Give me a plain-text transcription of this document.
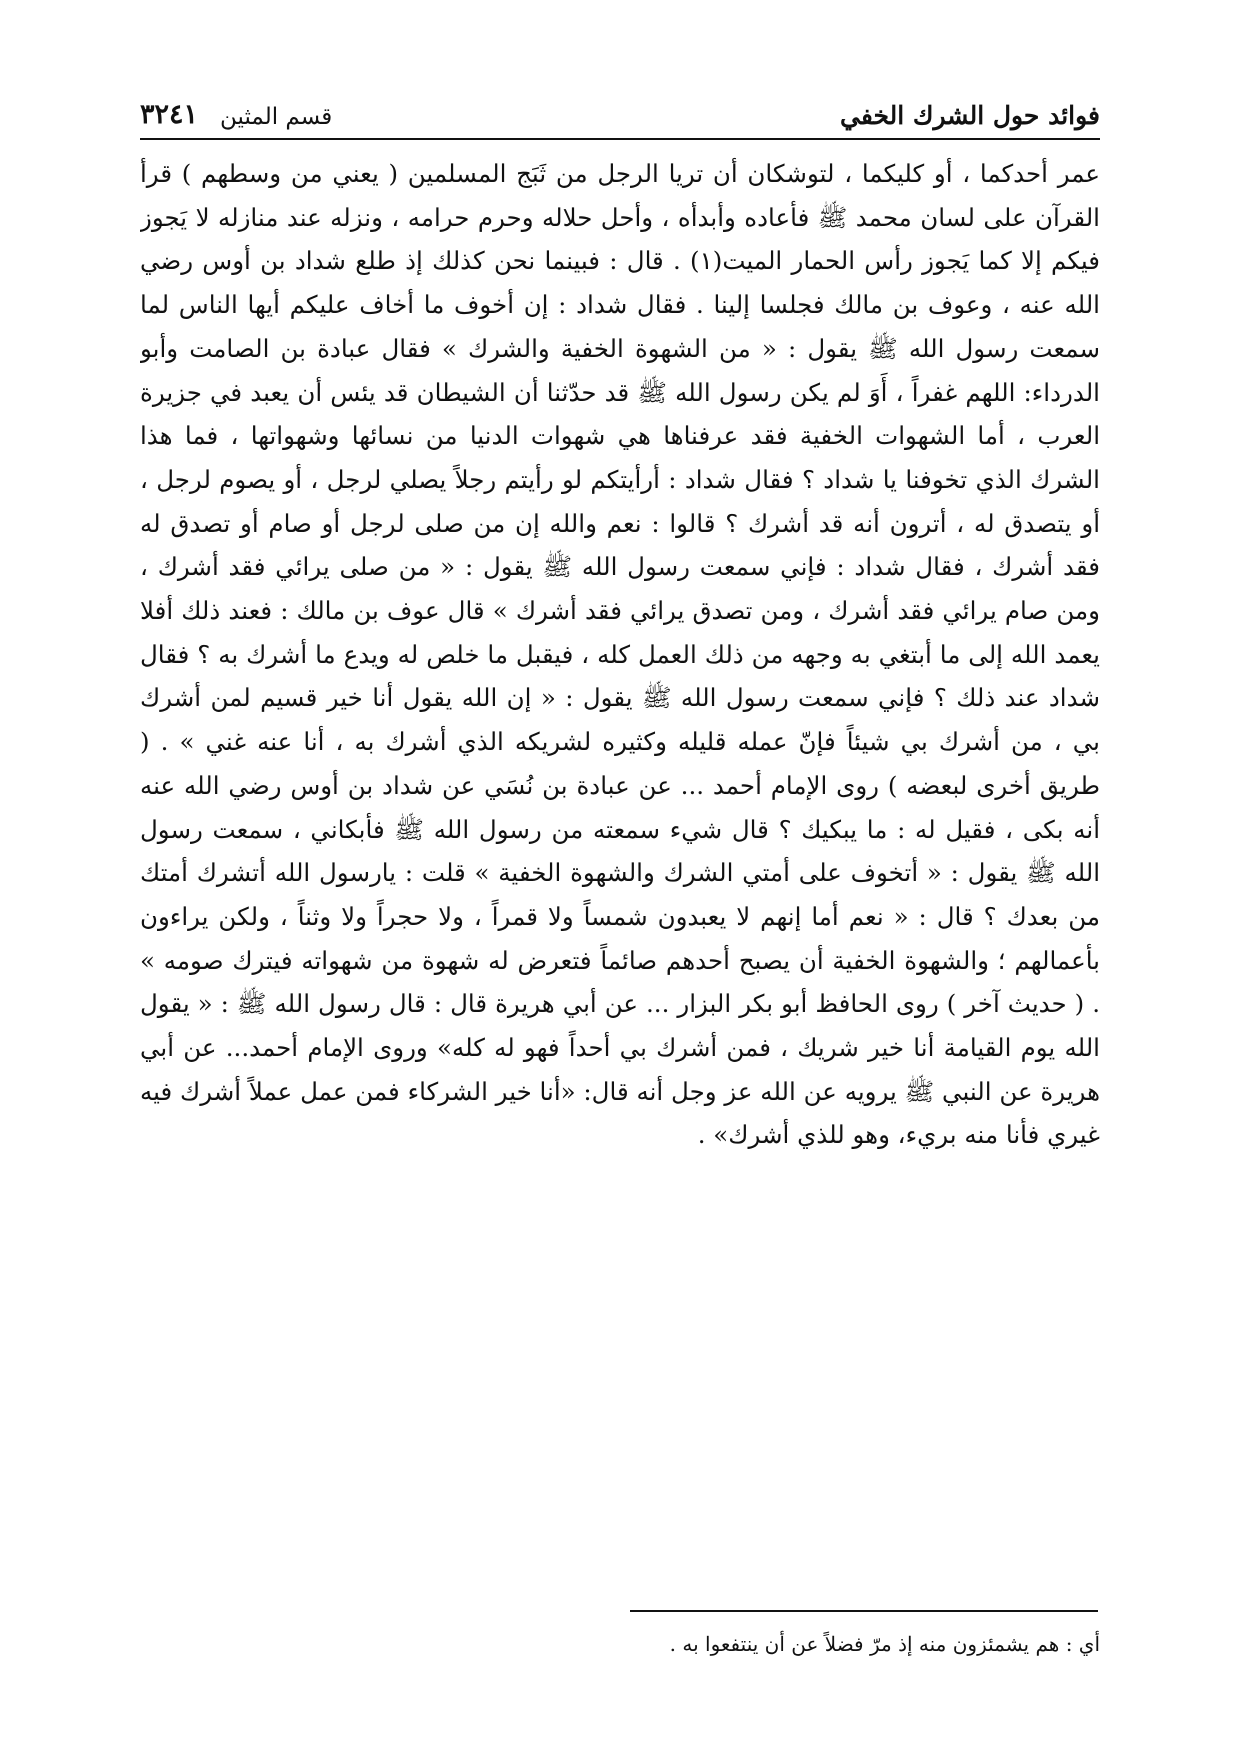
فوائد حول الشرك الخفي
قسم المثين
٣٢٤١

عمر أحدكما ، أو كليكما ، لتوشكان أن تريا الرجل من ثَبَج المسلمين ( يعني من وسطهم ) قرأ القرآن على لسان محمد ﷺ فأعاده وأبدأه ، وأحل حلاله وحرم حرامه ، ونزله عند منازله لا يَجوز فيكم إلا كما يَجوز رأس الحمار الميت(١) . قال : فبينما نحن كذلك إذ طلع شداد بن أوس رضي الله عنه ، وعوف بن مالك فجلسا إلينا . فقال شداد : إن أخوف ما أخاف عليكم أيها الناس لما سمعت رسول الله ﷺ يقول : « من الشهوة الخفية والشرك » فقال عبادة بن الصامت وأبو الدرداء: اللهم غفراً ، أَوَ لم يكن رسول الله ﷺ قد حدّثنا أن الشيطان قد يئس أن يعبد في جزيرة العرب ، أما الشهوات الخفية فقد عرفناها هي شهوات الدنيا من نسائها وشهواتها ، فما هذا الشرك الذي تخوفنا يا شداد ؟ فقال شداد : أرأيتكم لو رأيتم رجلاً يصلي لرجل ، أو يصوم لرجل ، أو يتصدق له ، أترون أنه قد أشرك ؟ قالوا : نعم والله إن من صلى لرجل أو صام أو تصدق له فقد أشرك ، فقال شداد : فإني سمعت رسول الله ﷺ يقول : « من صلى يرائي فقد أشرك ، ومن صام يرائي فقد أشرك ، ومن تصدق يرائي فقد أشرك » قال عوف بن مالك : فعند ذلك أفلا يعمد الله إلى ما أبتغي به وجهه من ذلك العمل كله ، فيقبل ما خلص له ويدع ما أشرك به ؟ فقال شداد عند ذلك ؟ فإني سمعت رسول الله ﷺ يقول : « إن الله يقول أنا خير قسيم لمن أشرك بي ، من أشرك بي شيئاً فإنّ عمله قليله وكثيره لشريكه الذي أشرك به ، أنا عنه غني » . ( طريق أخرى لبعضه ) روى الإمام أحمد ... عن عبادة بن نُسَي عن شداد بن أوس رضي الله عنه أنه بكى ، فقيل له : ما يبكيك ؟ قال شيء سمعته من رسول الله ﷺ فأبكاني ، سمعت رسول الله ﷺ يقول : « أتخوف على أمتي الشرك والشهوة الخفية » قلت : يارسول الله أتشرك أمتك من بعدك ؟ قال : « نعم أما إنهم لا يعبدون شمساً ولا قمراً ، ولا حجراً ولا وثناً ، ولكن يراءون بأعمالهم ؛ والشهوة الخفية أن يصبح أحدهم صائماً فتعرض له شهوة من شهواته فيترك صومه » . ( حديث آخر ) روى الحافظ أبو بكر البزار ... عن أبي هريرة قال : قال رسول الله ﷺ : « يقول الله يوم القيامة أنا خير شريك ، فمن أشرك بي أحداً فهو له كله» وروى الإمام أحمد... عن أبي هريرة عن النبي ﷺ يرويه عن الله عز وجل أنه قال: «أنا خير الشركاء فمن عمل عملاً أشرك فيه غيري فأنا منه بريء، وهو للذي أشرك» .

أي : هم يشمئزون منه إذ مرّ فضلاً عن أن ينتفعوا به .
